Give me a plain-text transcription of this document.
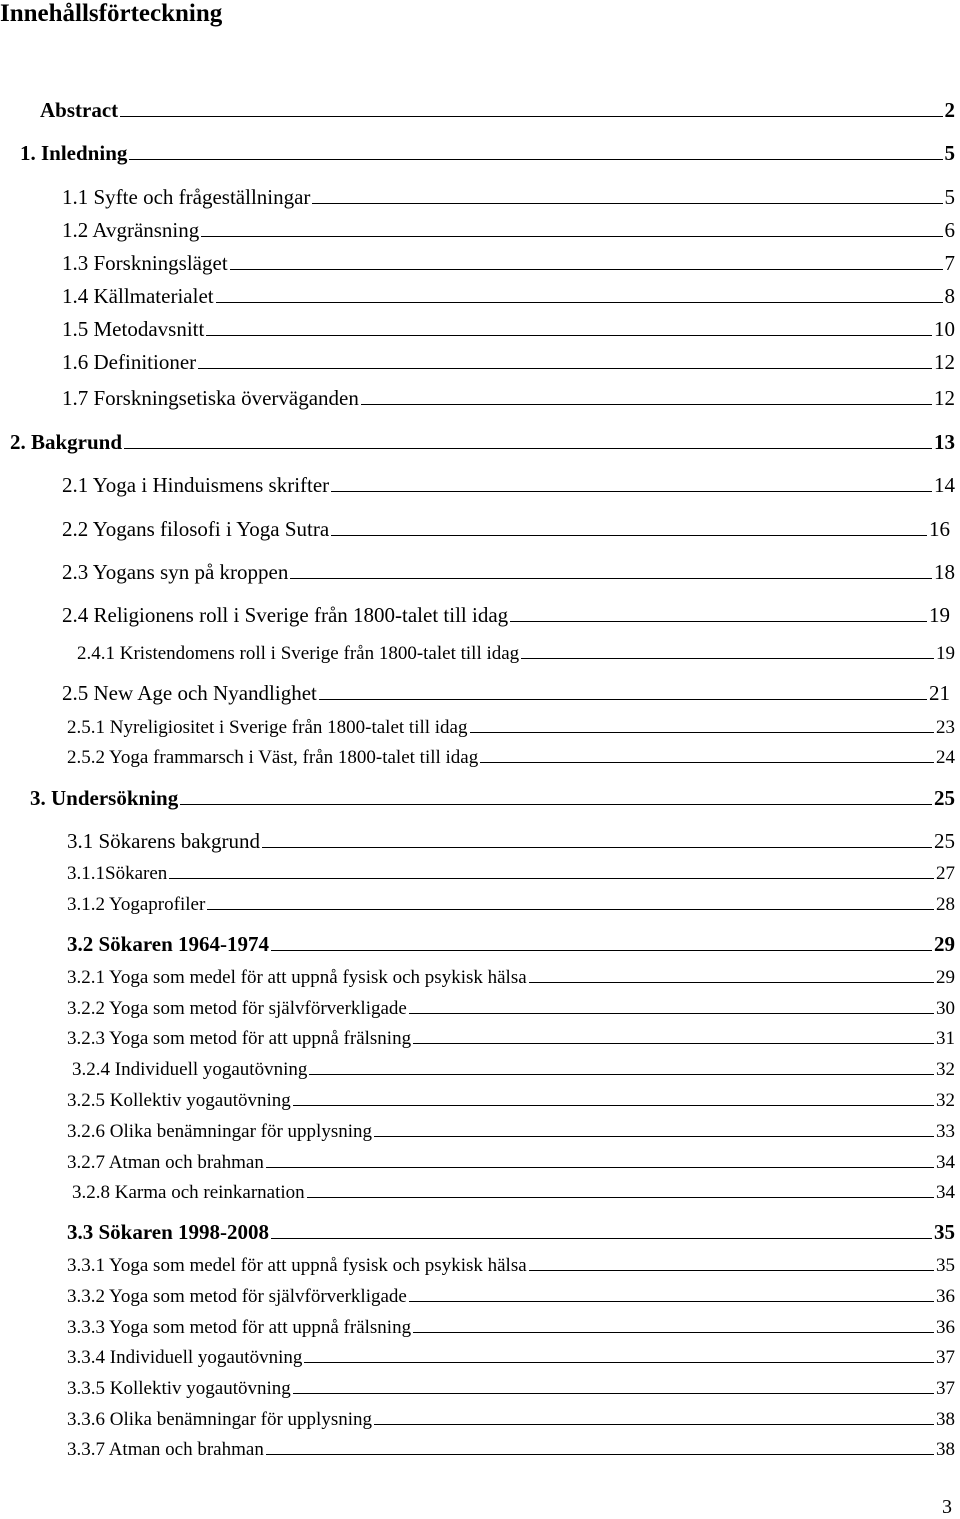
Innehållsförteckning
Abstract	2
1. Inledning	5
1.1 Syfte och frågeställningar	5
1.2 Avgränsning	6
1.3 Forskningsläget	7
1.4 Källmaterialet	8
1.5 Metodavsnitt	10
1.6 Definitioner	12
1.7 Forskningsetiska överväganden	12
2. Bakgrund	13
2.1 Yoga i Hinduismens skrifter	14
2.2 Yogans filosofi i Yoga Sutra	16
2.3 Yogans syn på kroppen	18
2.4 Religionens roll i Sverige från 1800-talet till idag	19
2.4.1 Kristendomens roll i Sverige från 1800-talet till idag	19
2.5 New Age och Nyandlighet	21
2.5.1 Nyreligiositet i Sverige från 1800-talet till idag	23
2.5.2 Yoga frammarsch i Väst, från 1800-talet till idag	24
3. Undersökning	25
3.1 Sökarens bakgrund	25
3.1.1Sökaren	27
3.1.2 Yogaprofiler	28
3.2 Sökaren 1964-1974	29
3.2.1 Yoga som medel för att uppnå fysisk och psykisk hälsa	29
3.2.2 Yoga som metod för självförverkligade	30
3.2.3 Yoga som metod för att uppnå frälsning	31
3.2.4 Individuell yogautövning	32
3.2.5 Kollektiv yogautövning	32
3.2.6 Olika benämningar för upplysning	33
3.2.7 Atman och brahman	34
3.2.8 Karma och reinkarnation	34
3.3 Sökaren 1998-2008	35
3.3.1 Yoga som medel för att uppnå fysisk och psykisk hälsa	35
3.3.2 Yoga som metod för självförverkligade	36
3.3.3 Yoga som metod för att uppnå frälsning	36
3.3.4 Individuell yogautövning	37
3.3.5 Kollektiv yogautövning	37
3.3.6 Olika benämningar för upplysning	38
3.3.7 Atman och brahman	38
3
